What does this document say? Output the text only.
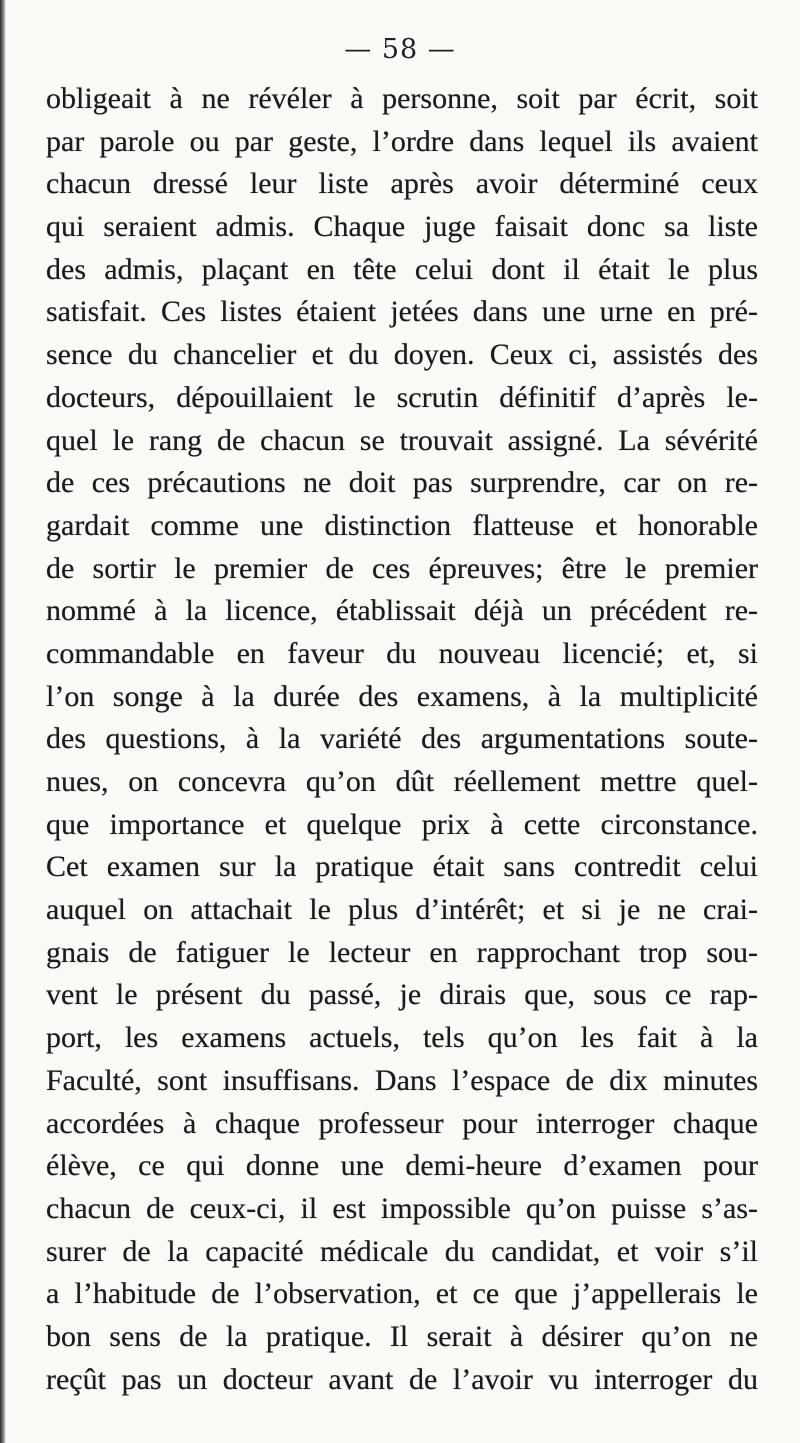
— 58 —
obligeait à ne révéler à personne, soit par écrit, soit
par parole ou par geste, l’ordre dans lequel ils avaient
chacun dressé leur liste après avoir déterminé ceux
qui seraient admis. Chaque juge faisait donc sa liste
des admis, plaçant en tête celui dont il était le plus
satisfait. Ces listes étaient jetées dans une urne en pré-
sence du chancelier et du doyen. Ceux ci, assistés des
docteurs, dépouillaient le scrutin définitif d’après le-
quel le rang de chacun se trouvait assigné. La sévérité
de ces précautions ne doit pas surprendre, car on re-
gardait comme une distinction flatteuse et honorable
de sortir le premier de ces épreuves; être le premier
nommé à la licence, établissait déjà un précédent re-
commandable en faveur du nouveau licencié; et, si
l’on songe à la durée des examens, à la multiplicité
des questions, à la variété des argumentations soute-
nues, on concevra qu’on dût réellement mettre quel-
que importance et quelque prix à cette circonstance.
Cet examen sur la pratique était sans contredit celui
auquel on attachait le plus d’intérêt; et si je ne crai-
gnais de fatiguer le lecteur en rapprochant trop sou-
vent le présent du passé, je dirais que, sous ce rap-
port, les examens actuels, tels qu’on les fait à la
Faculté, sont insuffisans. Dans l’espace de dix minutes
accordées à chaque professeur pour interroger chaque
élève, ce qui donne une demi-heure d’examen pour
chacun de ceux-ci, il est impossible qu’on puisse s’as-
surer de la capacité médicale du candidat, et voir s’il
a l’habitude de l’observation, et ce que j’appellerais le
bon sens de la pratique. Il serait à désirer qu’on ne
reçût pas un docteur avant de l’avoir vu interroger du
